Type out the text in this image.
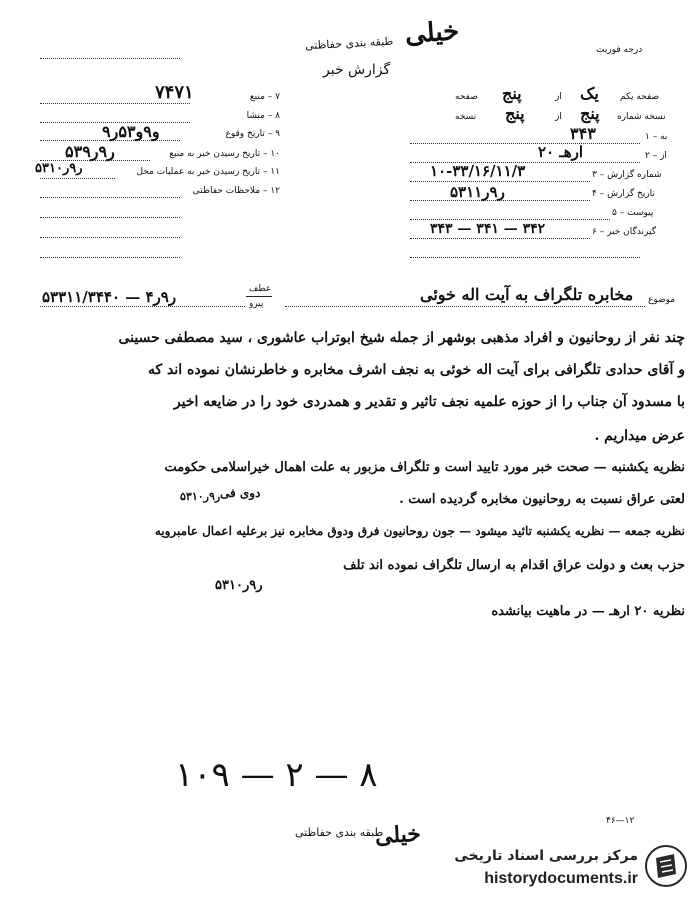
خیلی
طبقه بندی حفاظتی
گزارش خبر
درجه فوریت
۷ – منبع
۷۴۷۱
۸ – منشا
۹ – تاریخ وقوع
۹و۹و۵۳ر
۱۰ – تاریخ رسیدن خبر به منبع
۵۳ر۹ر۹
۱۱ – تاریخ رسیدن خبر به عملیات محل
۵۳ر۹ر۱۰
۱۲ – ملاحظات حفاظتی
صفحه یکم
یک
از
پنج
صفحه
نسخه شماره
پنج
از
پنج
نسخه
۱ – به
۳۴۳
۲ – از
۲۰ ارهـ
۳ – شماره گزارش
۱۰-۳۳/۱۶/۱۱/۳
۴ – تاریخ گزارش
۵۳ر۹ر۱۱
۵ – پیوست
۶ – گیرندگان خبر
۳۴۳ — ۳۴۱ — ۳۴۲
موضوع
مخابره تلگراف به آیت اله خوئی
عطف
پیرو
۵۳ر۹ر۴ — ۳۱۱/۳۴۴۰
چند نفر از روحانیون و افراد مذهبی بوشهر از جمله شیخ ابوتراب عاشوری ، سید مصطفی حسینی
و آقای حدادی تلگرافی برای آیت اله خوئی به نجف اشرف مخابره و خاطرنشان نموده اند که
با مسدود آن جناب را از حوزه علمیه نجف تاثیر و تقدیر و همدردی خود را در ضایعه اخیر
عرض میداریم .
نظریه یکشنبه — صحت خبر مورد تایید است و تلگراف مزبور به علت اهمال خیراسلامی حکومت
لعتی عراق نسبت به روحانیون مخابره گردیده است .
دوی فی
۵۳ر۹ر۱۰
نظریه جمعه — نظریه یکشنبه تائید میشود — جون روحانیون فرق ودوق مخابره نیز برعلیه اعمال عامبرویه
حزب بعث و دولت عراق اقدام به ارسال تلگراف نموده اند تلف
۵۳ر۹ر۱۰
نظریه ۲۰ ارهـ — در ماهیت بیانشده
۱۰۹ — ۲ — ۸
خیلی
طبقه بندی حفاظتی
۴۶—۱۲
مرکز بررسی اسناد تاریخی
historydocuments.ir
